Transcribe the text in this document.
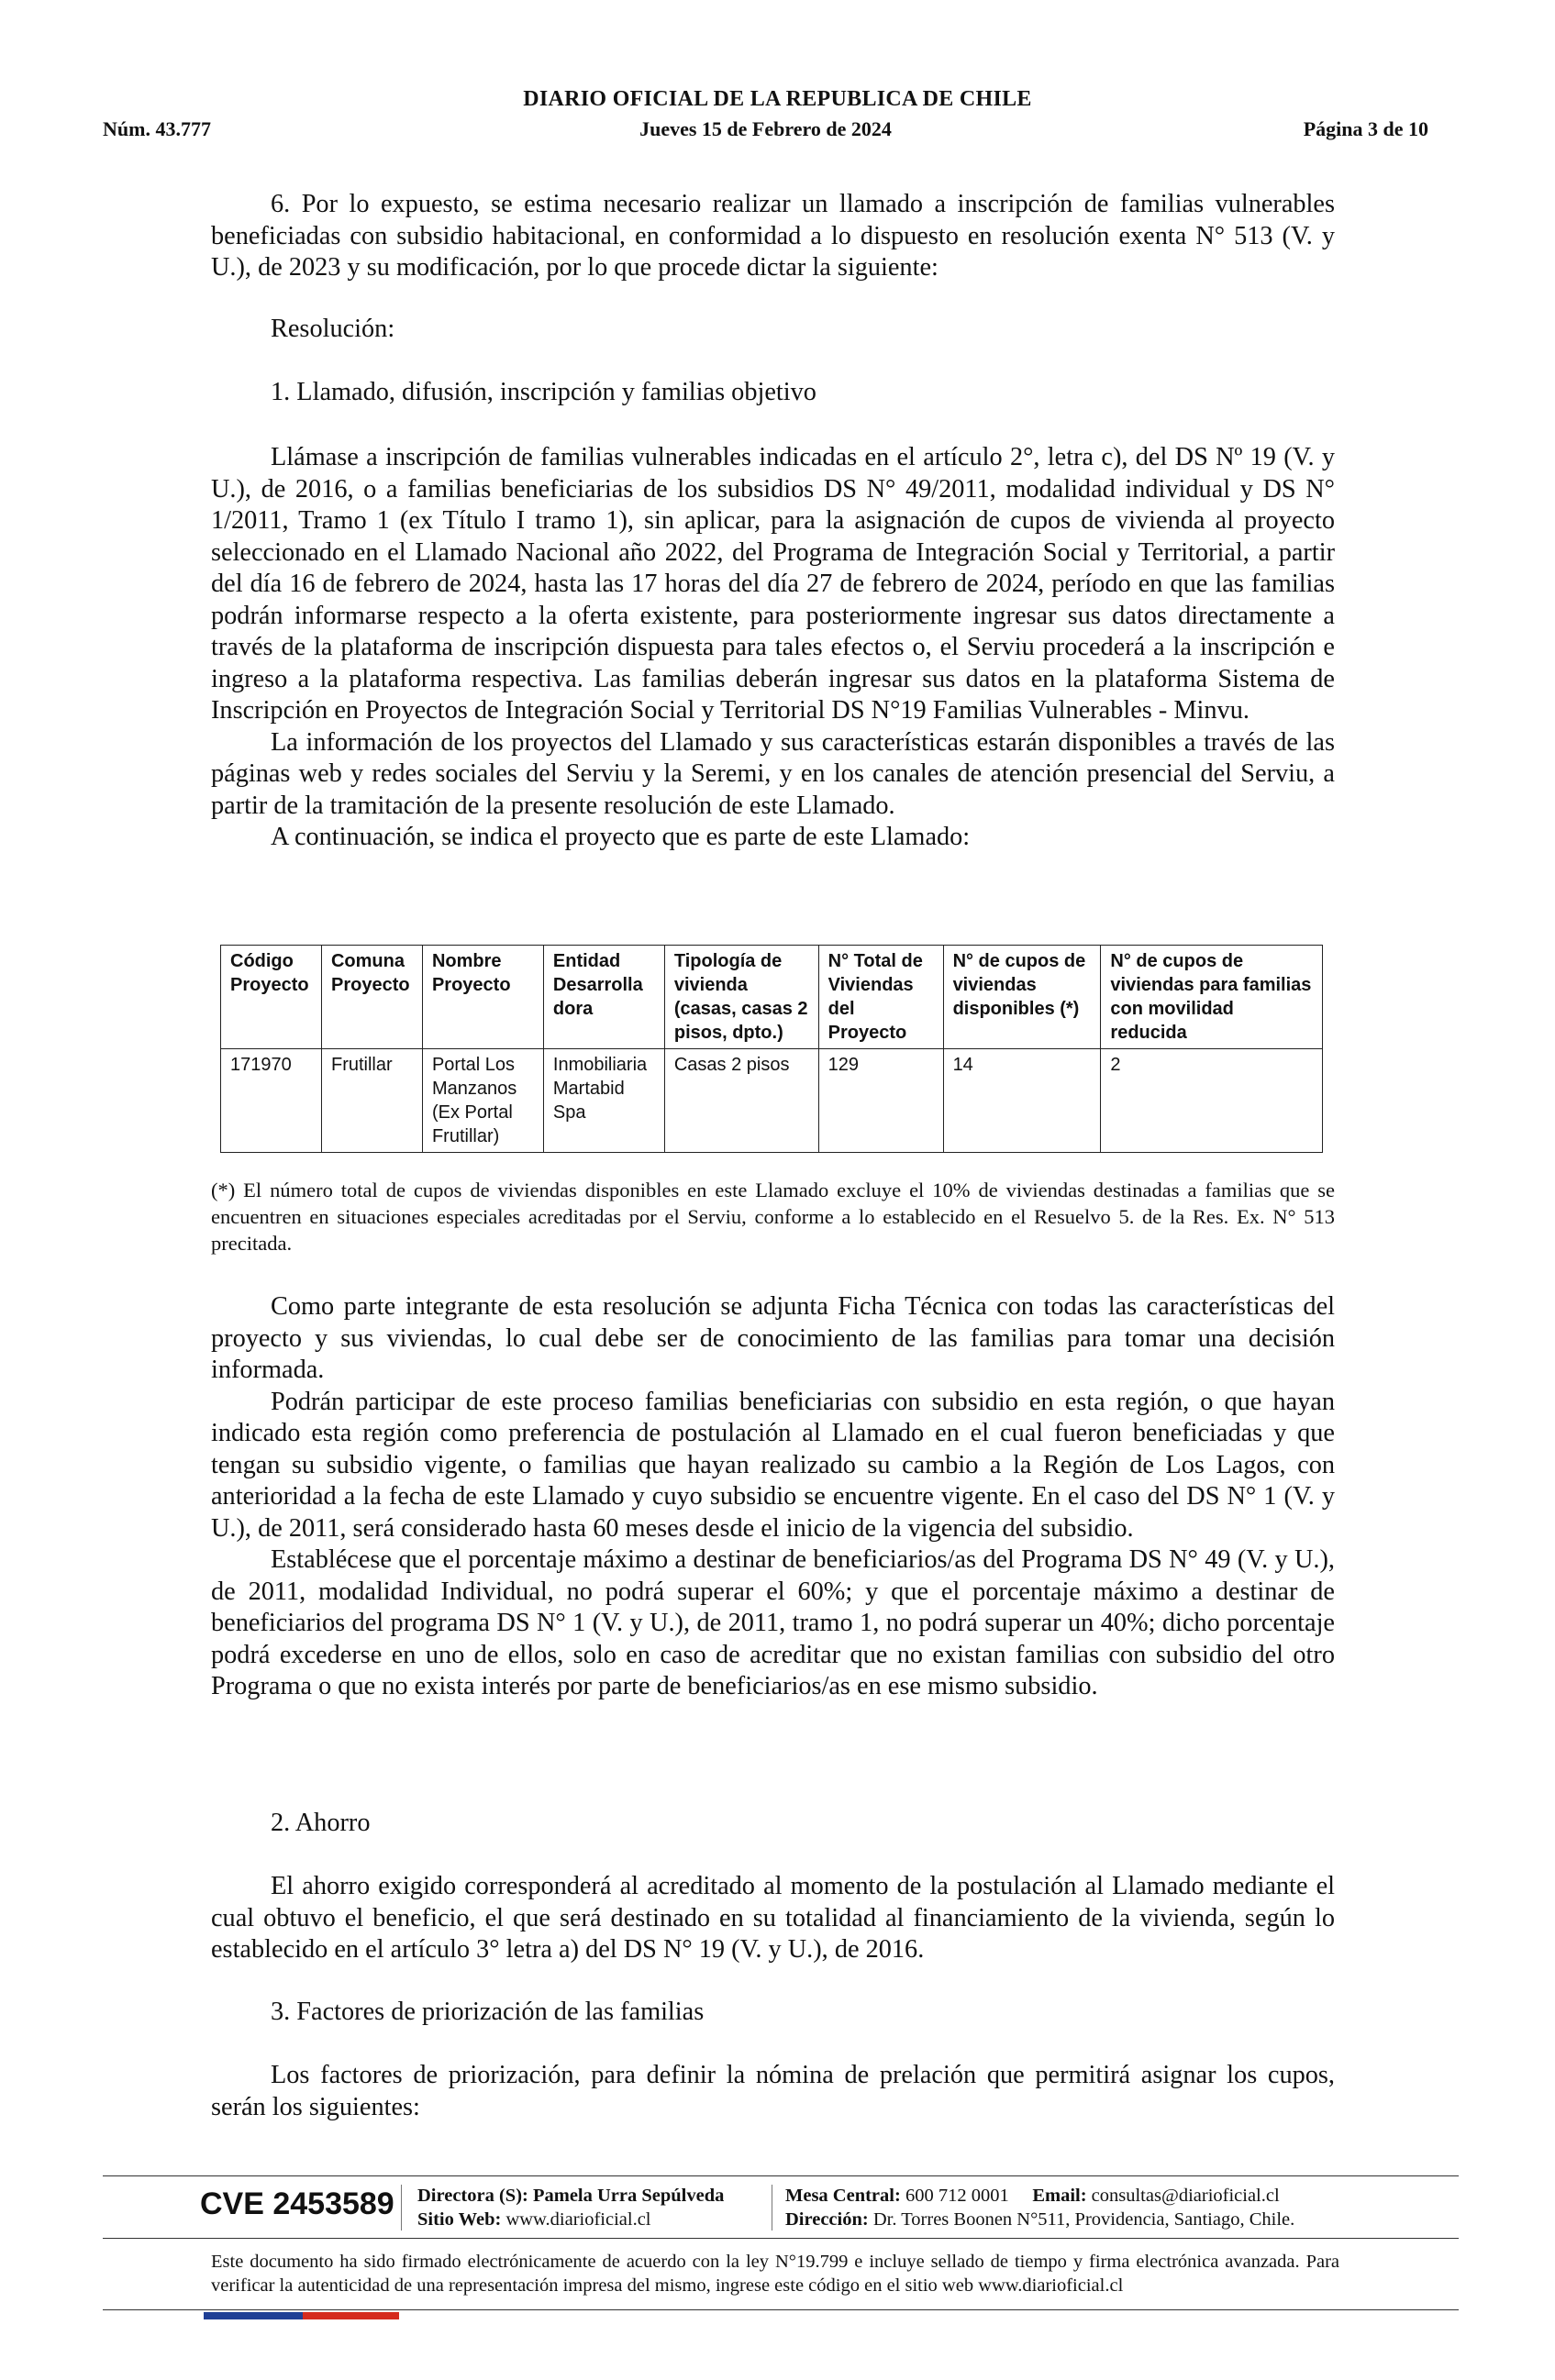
DIARIO OFICIAL DE LA REPUBLICA DE CHILE
Núm. 43.777	Jueves 15 de Febrero de 2024	Página 3 de 10

6. Por lo expuesto, se estima necesario realizar un llamado a inscripción de familias vulnerables beneficiadas con subsidio habitacional, en conformidad a lo dispuesto en resolución exenta N° 513 (V. y U.), de 2023 y su modificación, por lo que procede dictar la siguiente:

Resolución:
1. Llamado, difusión, inscripción y familias objetivo

Llámase a inscripción de familias vulnerables indicadas en el artículo 2°, letra c), del DS Nº 19 (V. y U.), de 2016, o a familias beneficiarias de los subsidios DS N° 49/2011, modalidad individual y DS N° 1/2011, Tramo 1 (ex Título I tramo 1), sin aplicar, para la asignación de cupos de vivienda al proyecto seleccionado en el Llamado Nacional año 2022, del Programa de Integración Social y Territorial, a partir del día 16 de febrero de 2024, hasta las 17 horas del día 27 de febrero de 2024, período en que las familias podrán informarse respecto a la oferta existente, para posteriormente ingresar sus datos directamente a través de la plataforma de inscripción dispuesta para tales efectos o, el Serviu procederá a la inscripción e ingreso a la plataforma respectiva. Las familias deberán ingresar sus datos en la plataforma Sistema de Inscripción en Proyectos de Integración Social y Territorial DS N°19 Familias Vulnerables - Minvu.

La información de los proyectos del Llamado y sus características estarán disponibles a través de las páginas web y redes sociales del Serviu y la Seremi, y en los canales de atención presencial del Serviu, a partir de la tramitación de la presente resolución de este Llamado.

A continuación, se indica el proyecto que es parte de este Llamado:

Código Proyecto	Comuna Proyecto	Nombre Proyecto	Entidad Desarrolla dora	Tipología de vivienda (casas, casas 2 pisos, dpto.)	N° Total de Viviendas del Proyecto	N° de cupos de viviendas disponibles (*)	N° de cupos de viviendas para familias con movilidad reducida
171970	Frutillar	Portal Los Manzanos (Ex Portal Frutillar)	Inmobiliaria Martabid Spa	Casas 2 pisos	129	14	2
(*) El número total de cupos de viviendas disponibles en este Llamado excluye el 10% de viviendas destinadas a familias que se encuentren en situaciones especiales acreditadas por el Serviu, conforme a lo establecido en el Resuelvo 5. de la Res. Ex. N° 513 precitada.

Como parte integrante de esta resolución se adjunta Ficha Técnica con todas las características del proyecto y sus viviendas, lo cual debe ser de conocimiento de las familias para tomar una decisión informada.

Podrán participar de este proceso familias beneficiarias con subsidio en esta región, o que hayan indicado esta región como preferencia de postulación al Llamado en el cual fueron beneficiadas y que tengan su subsidio vigente, o familias que hayan realizado su cambio a la Región de Los Lagos, con anterioridad a la fecha de este Llamado y cuyo subsidio se encuentre vigente. En el caso del DS N° 1 (V. y U.), de 2011, será considerado hasta 60 meses desde el inicio de la vigencia del subsidio.

Establécese que el porcentaje máximo a destinar de beneficiarios/as del Programa DS N° 49 (V. y U.), de 2011, modalidad Individual, no podrá superar el 60%; y que el porcentaje máximo a destinar de beneficiarios del programa DS N° 1 (V. y U.), de 2011, tramo 1, no podrá superar un 40%; dicho porcentaje podrá excederse en uno de ellos, solo en caso de acreditar que no existan familias con subsidio del otro Programa o que no exista interés por parte de beneficiarios/as en ese mismo subsidio.

2. Ahorro

El ahorro exigido corresponderá al acreditado al momento de la postulación al Llamado mediante el cual obtuvo el beneficio, el que será destinado en su totalidad al financiamiento de la vivienda, según lo establecido en el artículo 3° letra a) del DS N° 19 (V. y U.), de 2016.

3. Factores de priorización de las familias

Los factores de priorización, para definir la nómina de prelación que permitirá asignar los cupos, serán los siguientes:

CVE 2453589 Directora (S): Pamela Urra Sepúlveda
Sitio Web: www.diarioficial.cl
Mesa Central: 600 712 0001 Email: consultas@diarioficial.cl
Dirección: Dr. Torres Boonen N°511, Providencia, Santiago, Chile.
Este documento ha sido firmado electrónicamente de acuerdo con la ley N°19.799 e incluye sellado de tiempo y firma electrónica avanzada. Para verificar la autenticidad de una representación impresa del mismo, ingrese este código en el sitio web www.diarioficial.cl
